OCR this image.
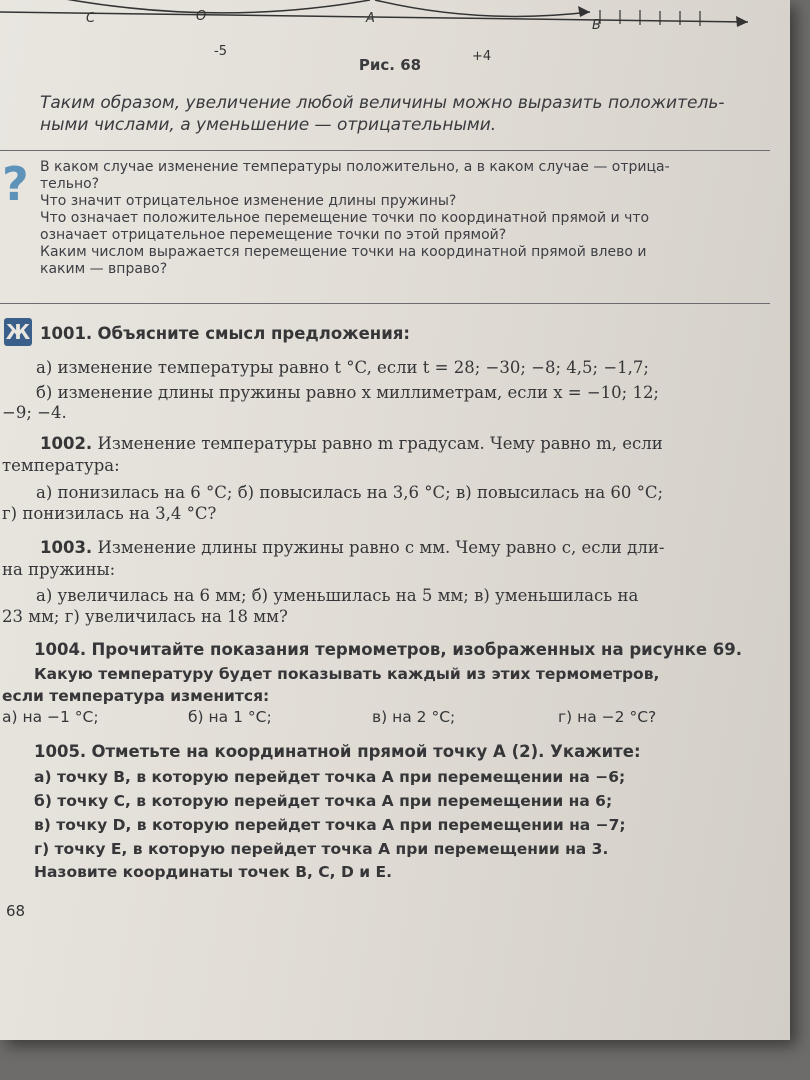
C	O	A	B
-5	+4
Рис. 68
Таким образом, увеличение любой величины можно выразить положитель-
ными числами, а уменьшение — отрицательными.
? В каком случае изменение температуры положительно, а в каком случае — отрица-
тельно?
Что значит отрицательное изменение длины пружины?
Что означает положительное перемещение точки по координатной прямой и что
означает отрицательное перемещение точки по этой прямой?
Каким числом выражается перемещение точки на координатной прямой влево и
каким — вправо?
Ж 1001. Объясните смысл предложения:
а) изменение температуры равно t °C, если t = 28; −30; −8; 4,5; −1,7;
б) изменение длины пружины равно x миллиметрам, если x = −10; 12;
−9; −4.
1002. Изменение температуры равно m градусам. Чему равно m, если
температура:
а) понизилась на 6 °C; б) повысилась на 3,6 °C; в) повысилась на 60 °C;
г) понизилась на 3,4 °C?
1003. Изменение длины пружины равно c мм. Чему равно c, если дли-
на пружины:
а) увеличилась на 6 мм; б) уменьшилась на 5 мм; в) уменьшилась на
23 мм; г) увеличилась на 18 мм?
1004. Прочитайте показания термометров, изображенных на рисунке 69.
Какую температуру будет показывать каждый из этих термометров,
если температура изменится:
а) на −1 °C;	б) на 1 °C;	в) на 2 °C;	г) на −2 °C?
1005. Отметьте на координатной прямой точку A (2). Укажите:
а) точку B, в которую перейдет точка A при перемещении на −6;
б) точку C, в которую перейдет точка A при перемещении на 6;
в) точку D, в которую перейдет точка A при перемещении на −7;
г) точку E, в которую перейдет точка A при перемещении на 3.
Назовите координаты точек B, C, D и E.
68
